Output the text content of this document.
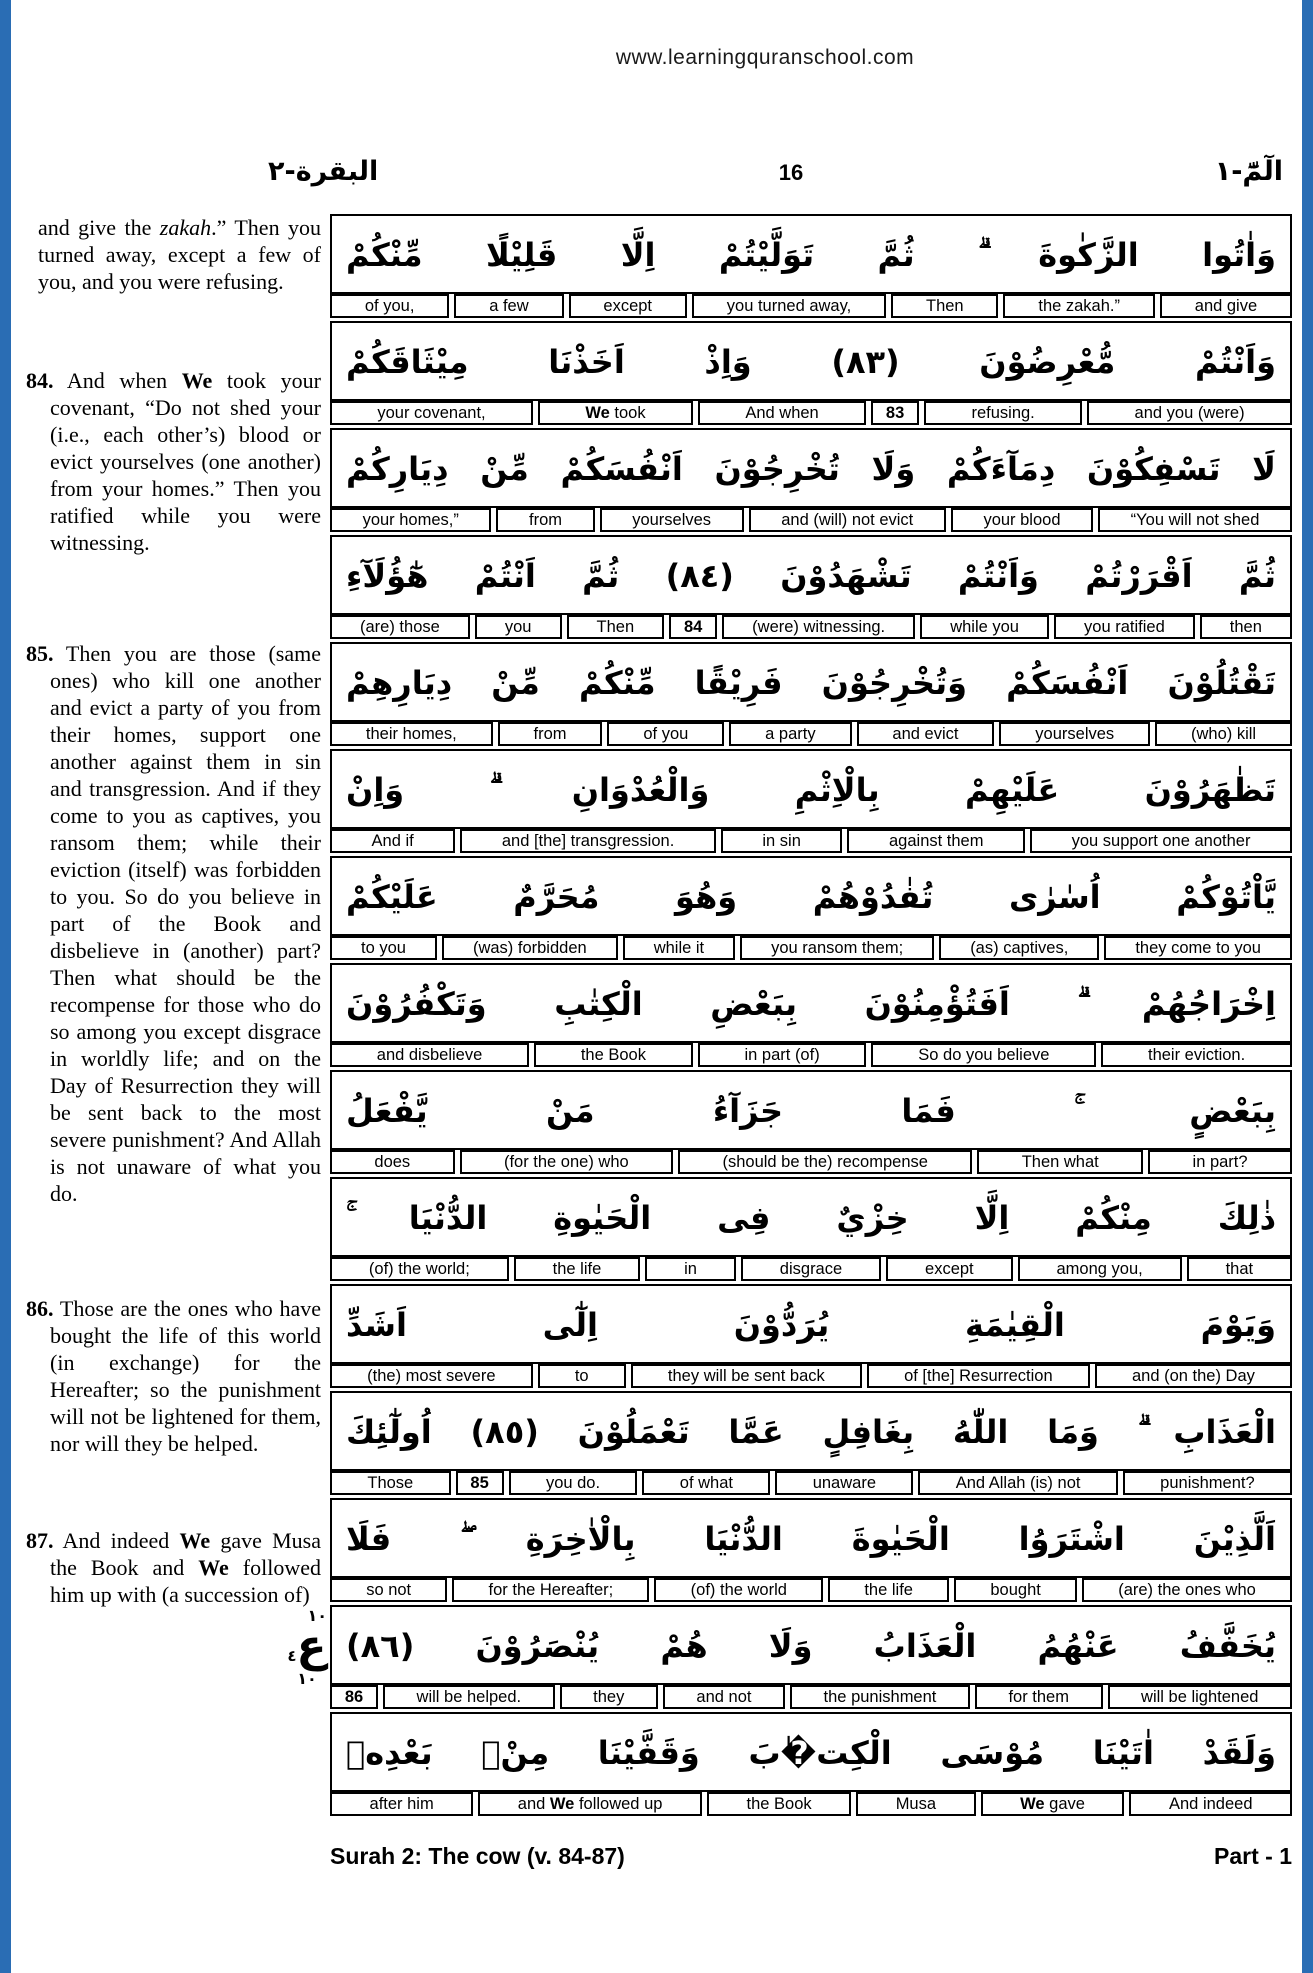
www.learningquranschool.com
البقرة-٢	16	الٓمّٓ-١

and give the zakah.” Then you turned away, except a few of you, and you were refusing.

84. And when We took your covenant, “Do not shed your (i.e., each other’s) blood or evict yourselves (one another) from your homes.” Then you ratified while you were witnessing.

85. Then you are those (same ones) who kill one another and evict a party of you from their homes, support one another against them in sin and transgression. And if they come to you as captives, you ransom them; while their eviction (itself) was forbidden to you. So do you believe in part of the Book and disbelieve in (another) part? Then what should be the recompense for those who do so among you except disgrace in worldly life; and on the Day of Resurrection they will be sent back to the most severe punishment? And Allah is not unaware of what you do.

86. Those are the ones who have bought the life of this world (in exchange) for the Hereafter; so the punishment will not be lightened for them, nor will they be helped.

87. And indeed We gave Musa the Book and We followed him up with (a succession of)

وَاٰتُوا الزَّكٰوةَ ۗ ثُمَّ تَوَلَّيْتُمْ اِلَّا قَلِيْلًا مِّنْكُمْ
of you,	a few	except	you turned away,	Then	the zakah.”	and give
وَاَنْتُمْ مُّعْرِضُوْنَ (٨٣) وَاِذْ اَخَذْنَا مِيْثَاقَكُمْ
your covenant,	We took	And when	83	refusing.	and you (were)
لَا تَسْفِكُوْنَ دِمَآءَكُمْ وَلَا تُخْرِجُوْنَ اَنْفُسَكُمْ مِّنْ دِيَارِكُمْ
your homes,”	from	yourselves	and (will) not evict	your blood	“You will not shed
ثُمَّ اَقْرَرْتُمْ وَاَنْتُمْ تَشْهَدُوْنَ (٨٤) ثُمَّ اَنْتُمْ هٰٓؤُلَآءِ
(are) those	you	Then	84	(were) witnessing.	while you	you ratified	then
تَقْتُلُوْنَ اَنْفُسَكُمْ وَتُخْرِجُوْنَ فَرِيْقًا مِّنْكُمْ مِّنْ دِيَارِهِمْ
their homes,	from	of you	a party	and evict	yourselves	(who) kill
تَظٰهَرُوْنَ عَلَيْهِمْ بِالْاِثْمِ وَالْعُدْوَانِ ۗ وَاِنْ
And if	and [the] transgression.	in sin	against them	you support one another
يَّاْتُوْكُمْ اُسٰرٰى تُفٰدُوْهُمْ وَهُوَ مُحَرَّمٌ عَلَيْكُمْ
to you	(was) forbidden	while it	you ransom them;	(as) captives,	they come to you
اِخْرَاجُهُمْ ۗ اَفَتُؤْمِنُوْنَ بِبَعْضِ الْكِتٰبِ وَتَكْفُرُوْنَ
and disbelieve	the Book	in part (of)	So do you believe	their eviction.
بِبَعْضٍ ۚ فَمَا جَزَآءُ مَنْ يَّفْعَلُ
does	(for the one) who	(should be the) recompense	Then what	in part?
ذٰلِكَ مِنْكُمْ اِلَّا خِزْيٌ فِى الْحَيٰوةِ الدُّنْيَا ۚ
(of) the world;	the life	in	disgrace	except	among you,	that
وَيَوْمَ الْقِيٰمَةِ يُرَدُّوْنَ اِلٰٓى اَشَدِّ
(the) most severe	to	they will be sent back	of [the] Resurrection	and (on the) Day
الْعَذَابِ ۗ وَمَا اللّٰهُ بِغَافِلٍ عَمَّا تَعْمَلُوْنَ (٨٥) اُولٰٓئِكَ
Those	85	you do.	of what	unaware	And Allah (is) not	punishment?
اَلَّذِيْنَ اشْتَرَوُا الْحَيٰوةَ الدُّنْيَا بِالْاٰخِرَةِ ۖ فَلَا
so not	for the Hereafter;	(of) the world	the life	bought	(are) the ones who
يُخَفَّفُ عَنْهُمُ الْعَذَابُ وَلَا هُمْ يُنْصَرُوْنَ (٨٦)
86	will be helped.	they	and not	the punishment	for them	will be lightened
وَلَقَدْ اٰتَيْنَا مُوْسَى الْكِت�ٰبَ وَقَفَّيْنَا مِنْۢ بَعْدِهٖ
after him	and We followed up	the Book	Musa	We gave	And indeed
١٠
ع٤
١٠
Surah 2: The cow (v. 84-87)	Part - 1
